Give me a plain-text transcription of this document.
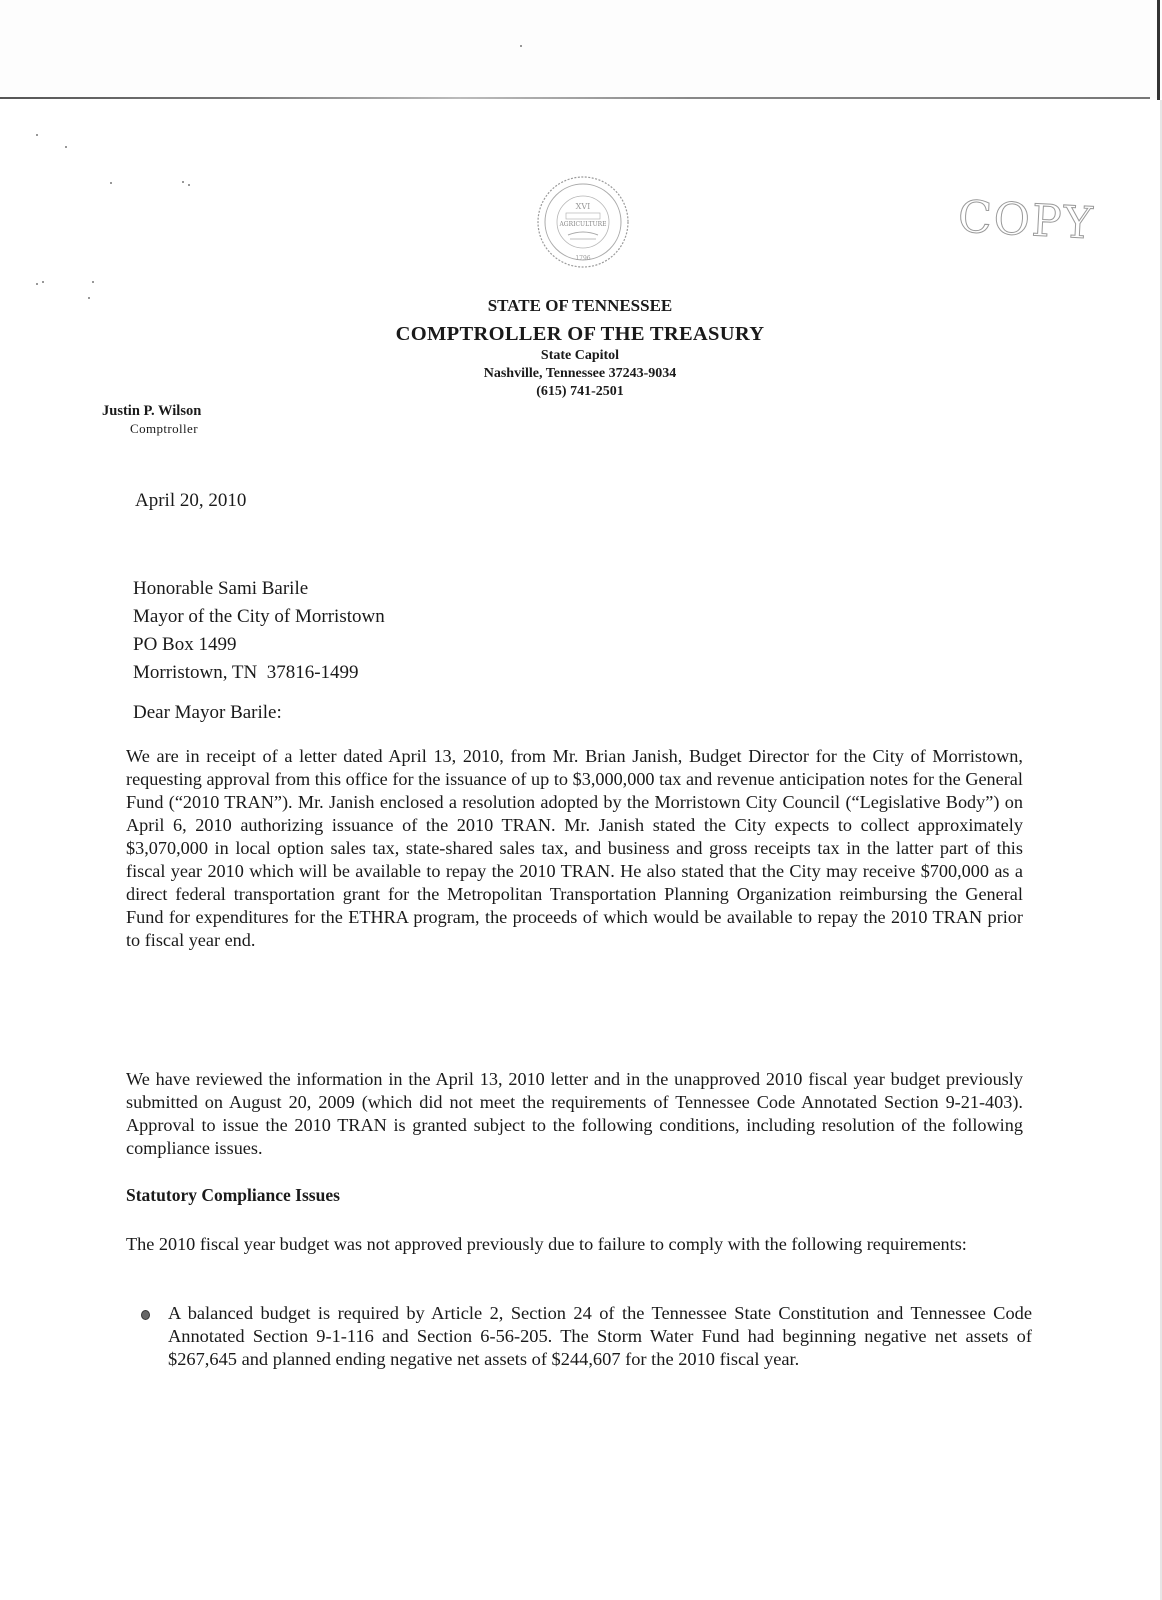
XVI
AGRICULTURE
1796
COPY
STATE OF TENNESSEE
COMPTROLLER OF THE TREASURY
State Capitol
Nashville, Tennessee 37243-9034
(615) 741-2501
Justin P. Wilson
Comptroller
April 20, 2010
Honorable Sami Barile
Mayor of the City of Morristown
PO Box 1499
Morristown, TN  37816-1499
Dear Mayor Barile:
We are in receipt of a letter dated April 13, 2010, from Mr. Brian Janish, Budget Director for the City of Morristown, requesting approval from this office for the issuance of up to $3,000,000 tax and revenue anticipation notes for the General Fund (“2010 TRAN”). Mr. Janish enclosed a resolution adopted by the Morristown City Council (“Legislative Body”) on April 6, 2010 authorizing issuance of the 2010 TRAN. Mr. Janish stated the City expects to collect approximately $3,070,000 in local option sales tax, state-shared sales tax, and business and gross receipts tax in the latter part of this fiscal year 2010 which will be available to repay the 2010 TRAN. He also stated that the City may receive $700,000 as a direct federal transportation grant for the Metropolitan Transportation Planning Organization reimbursing the General Fund for expenditures for the ETHRA program, the proceeds of which would be available to repay the 2010 TRAN prior to fiscal year end.
We have reviewed the information in the April 13, 2010 letter and in the unapproved 2010 fiscal year budget previously submitted on August 20, 2009 (which did not meet the requirements of Tennessee Code Annotated Section 9-21-403). Approval to issue the 2010 TRAN is granted subject to the following conditions, including resolution of the following compliance issues.
Statutory Compliance Issues
The 2010 fiscal year budget was not approved previously due to failure to comply with the following requirements:
A balanced budget is required by Article 2, Section 24 of the Tennessee State Constitution and Tennessee Code Annotated Section 9-1-116 and Section 6-56-205. The Storm Water Fund had beginning negative net assets of $267,645 and planned ending negative net assets of $244,607 for the 2010 fiscal year.
